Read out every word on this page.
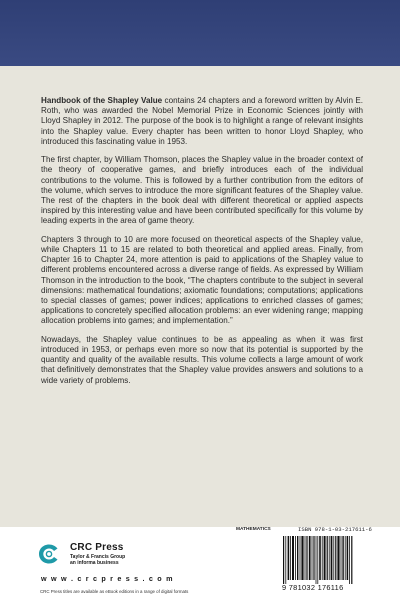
Handbook of the Shapley Value contains 24 chapters and a foreword written by Alvin E. Roth, who was awarded the Nobel Memorial Prize in Economic Sciences jointly with Lloyd Shapley in 2012. The purpose of the book is to highlight a range of relevant insights into the Shapley value. Every chapter has been written to honor Lloyd Shapley, who introduced this fascinating value in 1953.

The first chapter, by William Thomson, places the Shapley value in the broader context of the theory of cooperative games, and briefly introduces each of the individual contributions to the volume. This is followed by a further contribution from the editors of the volume, which serves to introduce the more significant features of the Shapley value. The rest of the chapters in the book deal with different theoretical or applied aspects inspired by this interesting value and have been contributed specifically for this volume by leading experts in the area of game theory.

Chapters 3 through to 10 are more focused on theoretical aspects of the Shapley value, while Chapters 11 to 15 are related to both theoretical and applied areas. Finally, from Chapter 16 to Chapter 24, more attention is paid to applications of the Shapley value to different problems encountered across a diverse range of fields. As expressed by William Thomson in the introduction to the book, “The chapters contribute to the subject in several dimensions: mathematical foundations; axiomatic foundations; computations; applications to special classes of games; power indices; applications to enriched classes of games; applications to concretely specified allocation problems: an ever widening range; mapping allocation problems into games; and implementation.”

Nowadays, the Shapley value continues to be as appealing as when it was first introduced in 1953, or perhaps even more so now that its potential is supported by the quantity and quality of the available results. This volume collects a large amount of work that definitively demonstrates that the Shapley value provides answers and solutions to a wide variety of problems.

CRC Press
Taylor & Francis Group
an informa business
w w w . c r c p r e s s . c o m
CRC Press titles are available as eBook editions in a range of digital formats
MATHEMATICS	ISBN 978-1-03-217611-6
9 781032 176116
